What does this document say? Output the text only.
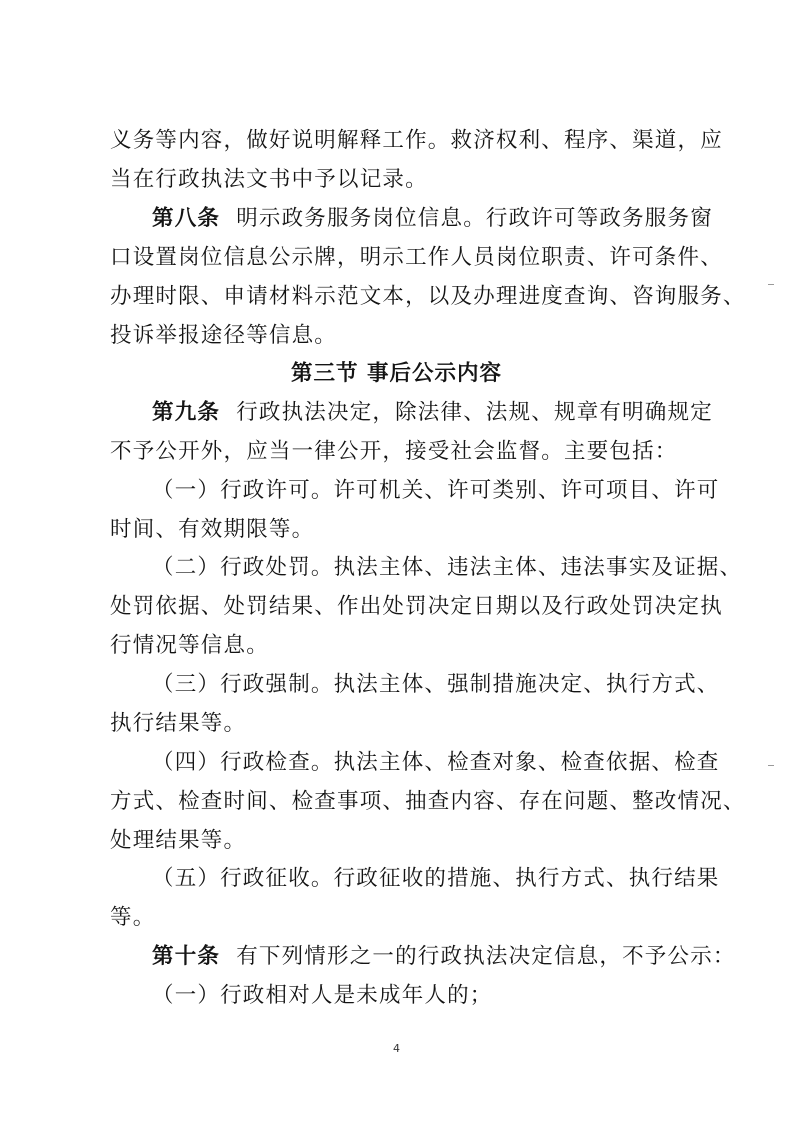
义务等内容，做好说明解释工作。救济权利、程序、渠道，应
当在行政执法文书中予以记录。
第八条 明示政务服务岗位信息。行政许可等政务服务窗
口设置岗位信息公示牌，明示工作人员岗位职责、许可条件、
办理时限、申请材料示范文本，以及办理进度查询、咨询服务、
投诉举报途径等信息。
第三节 事后公示内容
第九条 行政执法决定，除法律、法规、规章有明确规定
不予公开外，应当一律公开，接受社会监督。主要包括：
（一）行政许可。许可机关、许可类别、许可项目、许可
时间、有效期限等。
（二）行政处罚。执法主体、违法主体、违法事实及证据、
处罚依据、处罚结果、作出处罚决定日期以及行政处罚决定执
行情况等信息。
（三）行政强制。执法主体、强制措施决定、执行方式、
执行结果等。
（四）行政检查。执法主体、检查对象、检查依据、检查
方式、检查时间、检查事项、抽查内容、存在问题、整改情况、
处理结果等。
（五）行政征收。行政征收的措施、执行方式、执行结果
等。
第十条 有下列情形之一的行政执法决定信息，不予公示：
（一）行政相对人是未成年人的；
4
